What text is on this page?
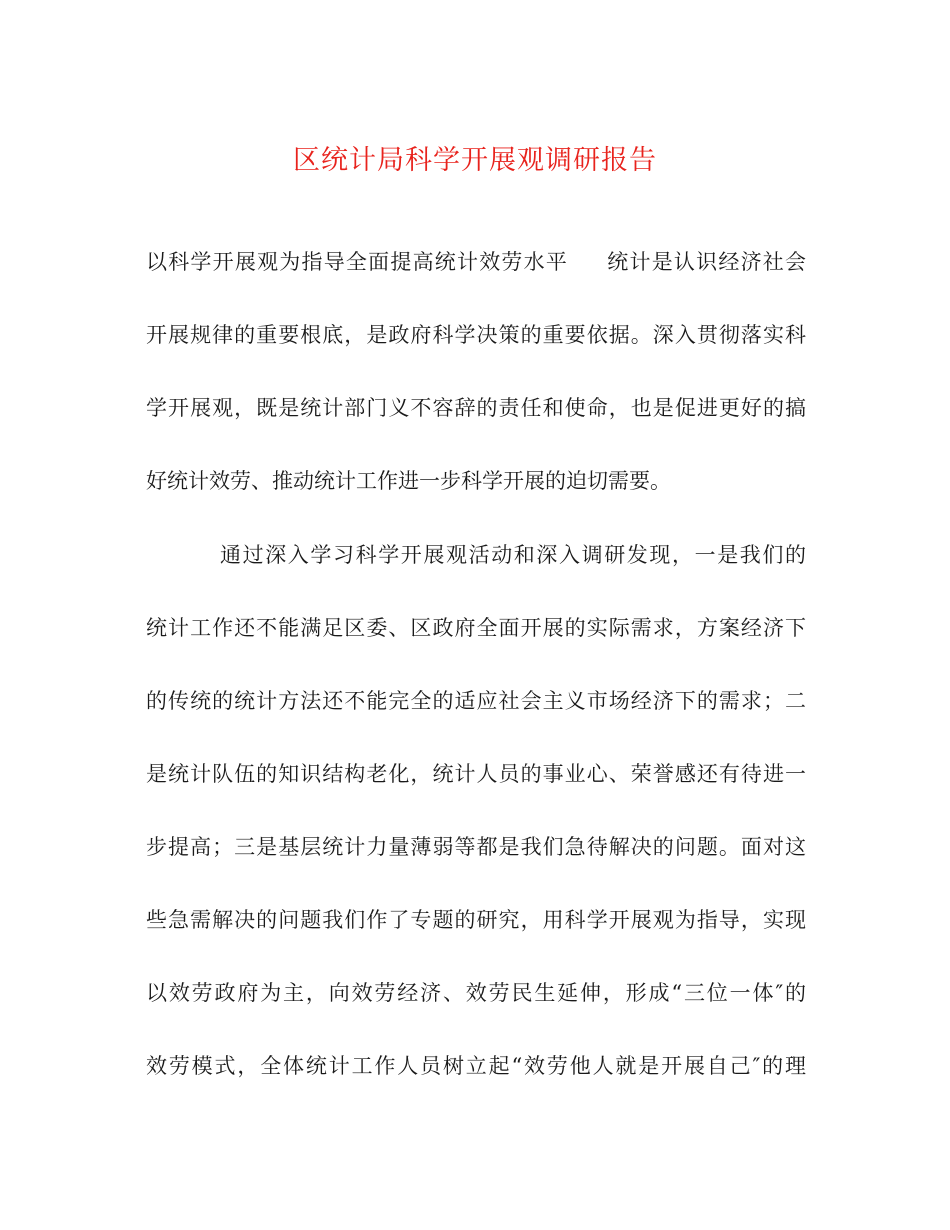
区统计局科学开展观调研报告
以科学开展观为指导全面提高统计效劳水平 统计是认识经济社会
开展规律的重要根底，是政府科学决策的重要依据。深入贯彻落实科
学开展观，既是统计部门义不容辞的责任和使命，也是促进更好的搞
好统计效劳、推动统计工作进一步科学开展的迫切需要。
通过深入学习科学开展观活动和深入调研发现，一是我们的
统计工作还不能满足区委、区政府全面开展的实际需求，方案经济下
的传统的统计方法还不能完全的适应社会主义市场经济下的需求；二
是统计队伍的知识结构老化，统计人员的事业心、荣誉感还有待进一
步提高；三是基层统计力量薄弱等都是我们急待解决的问题。面对这
些急需解决的问题我们作了专题的研究，用科学开展观为指导，实现
以效劳政府为主，向效劳经济、效劳民生延伸，形成“三位一体″的
效劳模式，全体统计工作人员树立起“效劳他人就是开展自己″的理
